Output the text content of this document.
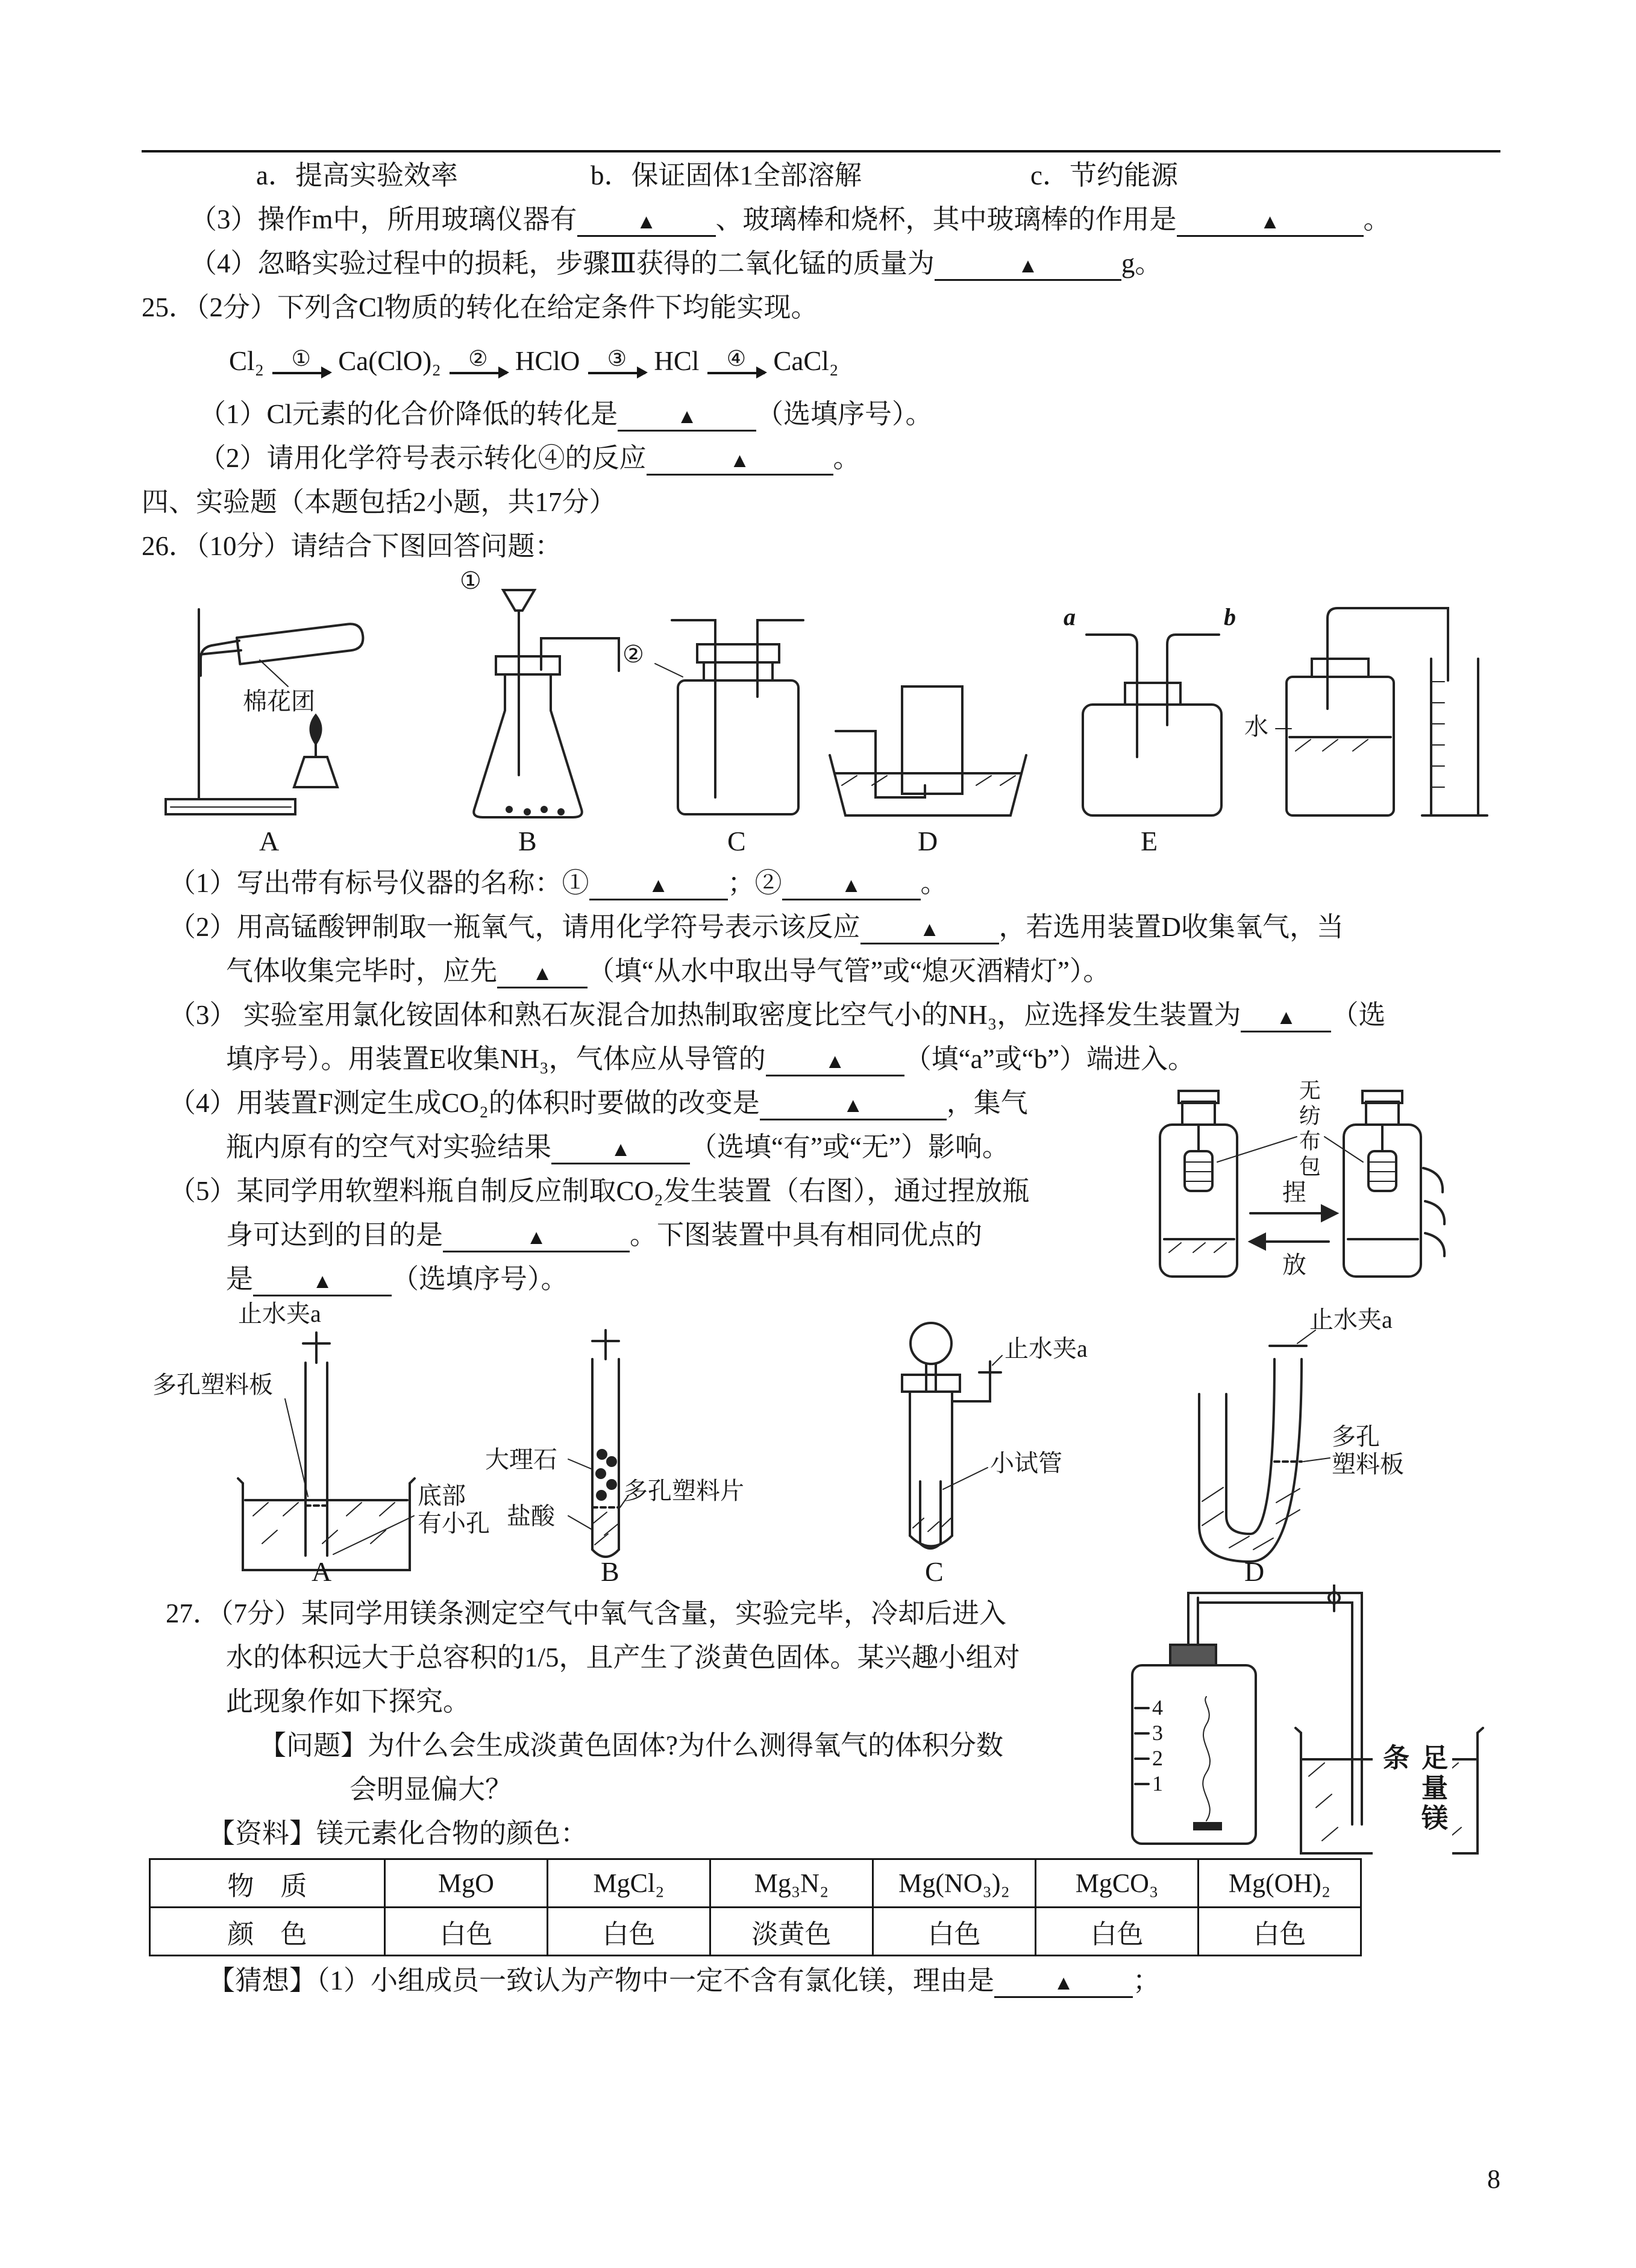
a．提高实验效率	b．保证固体1全部溶解	c．节约能源
（3）操作m中，所用玻璃仪器有	▲ 、玻璃棒和烧杯，其中玻璃棒的作用是	▲	。
（4）忽略实验过程中的损耗，步骤Ⅲ获得的二氧化锰的质量为	▲	g。
25．（2分）下列含Cl物质的转化在给定条件下均能实现。
Cl₂ ① Ca(ClO)₂ ② HClO ③ HCl ④ CaCl₂
（1）Cl元素的化合价降低的转化是	▲ （选填序号）。
（2）请用化学符号表示转化④的反应	▲	。
四、实验题（本题包括2小题，共17分）
26．（10分）请结合下图回答问题：
①
棉花团
②
a	b
水
A	B	C	D	E
（1）写出带有标号仪器的名称：①	▲ ；②	▲ 。
（2）用高锰酸钾制取一瓶氧气，请用化学符号表示该反应	▲ ，若选用装置D收集氧气，当
气体收集完毕时，应先 ▲ （填“从水中取出导气管”或“熄灭酒精灯”）。
（3） 实验室用氯化铵固体和熟石灰混合加热制取密度比空气小的NH₃，应选择发生装置为 ▲ （选
填序号）。用装置E收集NH₃，气体应从导管的	▲ （填“a”或“b”）端进入。
（4）用装置F测定生成CO₂的体积时要做的改变是	▲	，集气
瓶内原有的空气对实验结果	▲ （选填“有”或“无”）影响。
（5）某同学用软塑料瓶自制反应制取CO₂发生装置（右图），通过捏放瓶
身可达到的目的是	▲	。下图装置中具有相同优点的
是	▲ （选填序号）。
无纺布包
捏
放
止水夹a
多孔塑料板
底部
有小孔
大理石
盐酸
多孔塑料片
止水夹a
小试管
止水夹a
多孔
塑料板
A	B	C	D
27．（7分）某同学用镁条测定空气中氧气含量，实验完毕，冷却后进入
水的体积远大于总容积的1/5，且产生了淡黄色固体。某兴趣小组对
此现象作如下探究。
【问题】为什么会生成淡黄色固体?为什么测得氧气的体积分数
会明显偏大？
【资料】镁元素化合物的颜色：
物　质	MgO	MgCl₂	Mg₃N₂	Mg(NO₃)₂	MgCO₃	Mg(OH)₂
颜　色	白色	白色	淡黄色	白色	白色	白色
【猜想】（1）小组成员一致认为产物中一定不含有氯化镁，理由是	▲ ；
4
3
2
1	足量镁条
8
